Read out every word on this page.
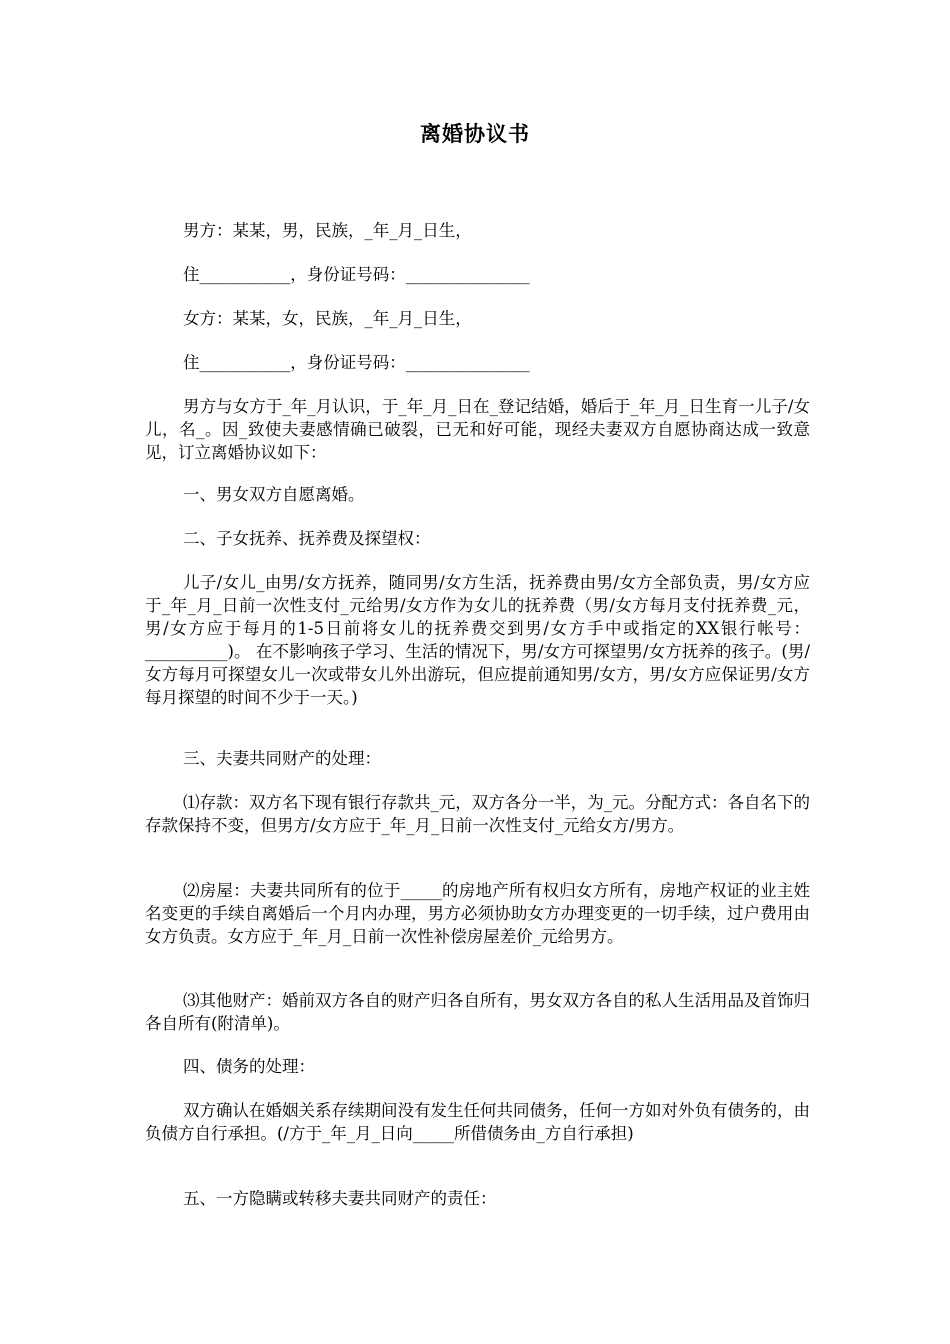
离婚协议书

男方：某某，男，民族，_年_月_日生，

住___________，身份证号码：_______________

女方：某某，女，民族，_年_月_日生，

住___________，身份证号码：_______________

男方与女方于_年_月认识，于_年_月_日在_登记结婚，婚后于_年_月_日生育一儿子/女儿，名_。因_致使夫妻感情确已破裂，已无和好可能，现经夫妻双方自愿协商达成一致意见，订立离婚协议如下：

一、男女双方自愿离婚。

二、子女抚养、抚养费及探望权：

儿子/女儿_由男/女方抚养，随同男/女方生活，抚养费由男/女方全部负责，男/女方应于_年_月_日前一次性支付_元给男/女方作为女儿的抚养费（男/女方每月支付抚养费_元，男/女方应于每月的1-5日前将女儿的抚养费交到男/女方手中或指定的XX银行帐号：__________)。 在不影响孩子学习、生活的情况下，男/女方可探望男/女方抚养的孩子。(男/女方每月可探望女儿一次或带女儿外出游玩，但应提前通知男/女方，男/女方应保证男/女方每月探望的时间不少于一天。)

三、夫妻共同财产的处理：

⑴存款：双方名下现有银行存款共_元，双方各分一半，为_元。分配方式：各自名下的存款保持不变，但男方/女方应于_年_月_日前一次性支付_元给女方/男方。

⑵房屋：夫妻共同所有的位于_____的房地产所有权归女方所有，房地产权证的业主姓名变更的手续自离婚后一个月内办理，男方必须协助女方办理变更的一切手续，过户费用由女方负责。女方应于_年_月_日前一次性补偿房屋差价_元给男方。

⑶其他财产：婚前双方各自的财产归各自所有，男女双方各自的私人生活用品及首饰归各自所有(附清单)。

四、债务的处理：

双方确认在婚姻关系存续期间没有发生任何共同债务，任何一方如对外负有债务的，由负债方自行承担。(/方于_年_月_日向_____所借债务由_方自行承担)

五、一方隐瞒或转移夫妻共同财产的责任：
